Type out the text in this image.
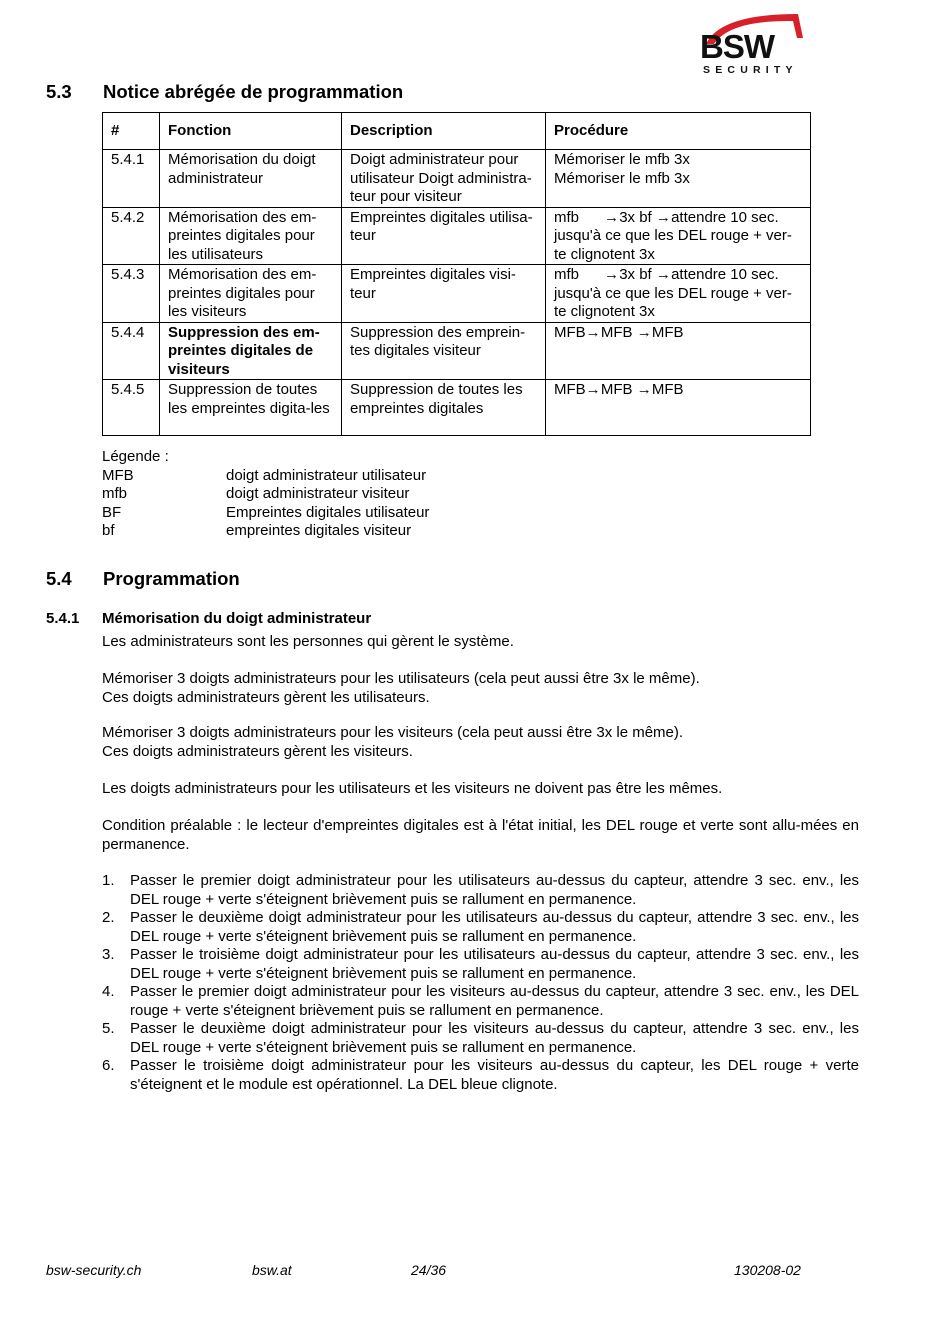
BSW
SECURITY
5.3 Notice abrégée de programmation
#	Fonction	Description	Procédure
5.4.1	Mémorisation du doigt administrateur	Doigt administrateur pour utilisateur Doigt administra-teur pour visiteur	Mémoriser le mfb 3x
Mémoriser le mfb 3x

5.4.2	Mémorisation des em-preintes digitales pour les utilisateurs	Empreintes digitales utilisa-teur	mfb → 3x bf → attendre 10 sec.
jusqu'à ce que les DEL rouge + ver-te clignotent 3x

5.4.3	Mémorisation des em-preintes digitales pour les visiteurs	Empreintes digitales visi-teur	mfb → 3x bf → attendre 10 sec.
jusqu'à ce que les DEL rouge + ver-te clignotent 3x

5.4.4	Suppression des em-preintes digitales de visiteurs	Suppression des emprein-tes digitales visiteur	MFB→ MFB → MFB
5.4.5	Suppression de toutes les empreintes digita-les	Suppression de toutes les empreintes digitales	MFB→ MFB → MFB
Légende :
MFB	doigt administrateur utilisateur
mfb	doigt administrateur visiteur
BF	Empreintes digitales utilisateur
bf	empreintes digitales visiteur
5.4 Programmation
5.4.1 Mémorisation du doigt administrateur
Les administrateurs sont les personnes qui gèrent le système.
Mémoriser 3 doigts administrateurs pour les utilisateurs (cela peut aussi être 3x le même).
Ces doigts administrateurs gèrent les utilisateurs.
Mémoriser 3 doigts administrateurs pour les visiteurs (cela peut aussi être 3x le même).
Ces doigts administrateurs gèrent les visiteurs.
Les doigts administrateurs pour les utilisateurs et les visiteurs ne doivent pas être les mêmes.
Condition préalable : le lecteur d'empreintes digitales est à l'état initial, les DEL rouge et verte sont allu-mées en permanence.
1. Passer le premier doigt administrateur pour les utilisateurs au-dessus du capteur, attendre 3 sec. env., les DEL rouge + verte s'éteignent brièvement puis se rallument en permanence.
2. Passer le deuxième doigt administrateur pour les utilisateurs au-dessus du capteur, attendre 3 sec. env., les DEL rouge + verte s'éteignent brièvement puis se rallument en permanence.
3. Passer le troisième doigt administrateur pour les utilisateurs au-dessus du capteur, attendre 3 sec. env., les DEL rouge + verte s'éteignent brièvement puis se rallument en permanence.
4. Passer le premier doigt administrateur pour les visiteurs au-dessus du capteur, attendre 3 sec. env., les DEL rouge + verte s'éteignent brièvement puis se rallument en permanence.
5. Passer le deuxième doigt administrateur pour les visiteurs au-dessus du capteur, attendre 3 sec. env., les DEL rouge + verte s'éteignent brièvement puis se rallument en permanence.
6. Passer le troisième doigt administrateur pour les visiteurs au-dessus du capteur, les DEL rouge + verte s'éteignent et le module est opérationnel. La DEL bleue clignote.
bsw-security.ch	bsw.at	24/36	130208-02
